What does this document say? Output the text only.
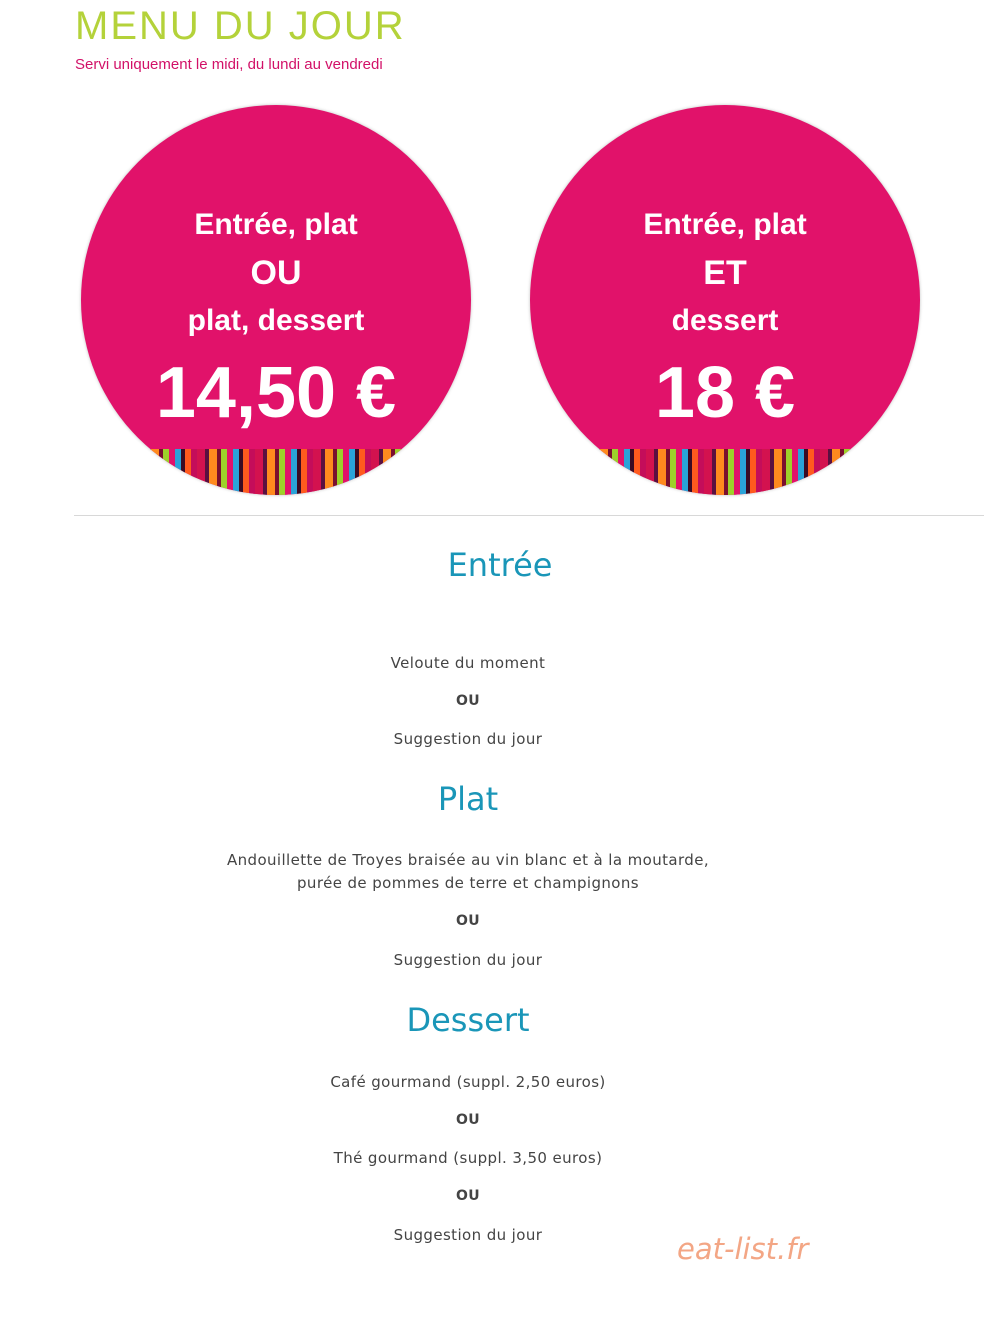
MENU DU JOUR
Servi uniquement le midi, du lundi au vendredi
Entrée, plat
OU
plat, dessert
14,50 €
Entrée, plat
ET
dessert
18 €
Entrée
Veloute du moment
OU
Suggestion du jour
Plat
Andouillette de Troyes braisée au vin blanc et à la moutarde,
purée de pommes de terre et champignons
OU
Suggestion du jour
Dessert
Café gourmand (suppl. 2,50 euros)
OU
Thé gourmand (suppl. 3,50 euros)
OU
Suggestion du jour	eat-list.fr
